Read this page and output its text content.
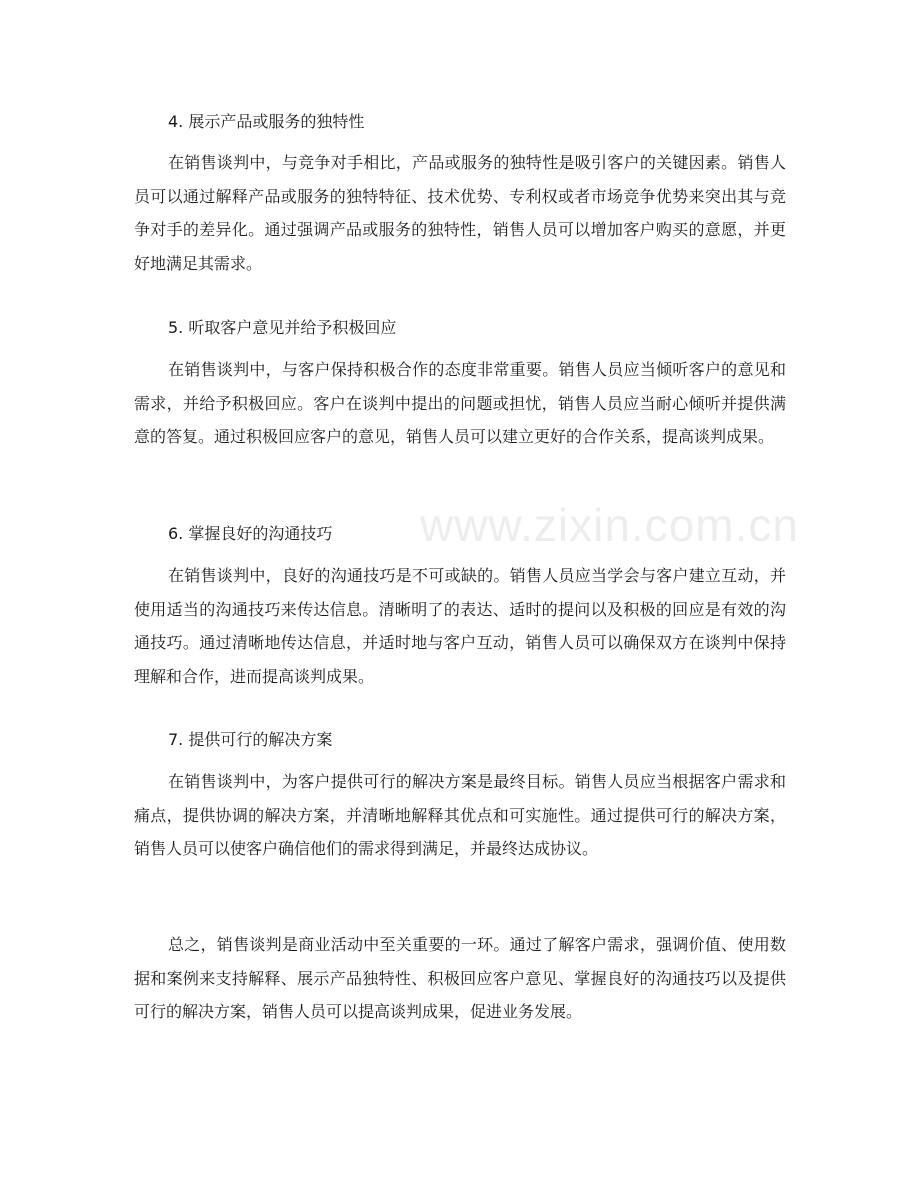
www.zixin.com.cn
4. 展示产品或服务的独特性
在销售谈判中，与竞争对手相比，产品或服务的独特性是吸引客户的关键因素。销售人员可以通过解释产品或服务的独特特征、技术优势、专利权或者市场竞争优势来突出其与竞争对手的差异化。通过强调产品或服务的独特性，销售人员可以增加客户购买的意愿，并更好地满足其需求。
5. 听取客户意见并给予积极回应
在销售谈判中，与客户保持积极合作的态度非常重要。销售人员应当倾听客户的意见和需求，并给予积极回应。客户在谈判中提出的问题或担忧，销售人员应当耐心倾听并提供满意的答复。通过积极回应客户的意见，销售人员可以建立更好的合作关系，提高谈判成果。
6. 掌握良好的沟通技巧
在销售谈判中，良好的沟通技巧是不可或缺的。销售人员应当学会与客户建立互动，并使用适当的沟通技巧来传达信息。清晰明了的表达、适时的提问以及积极的回应是有效的沟通技巧。通过清晰地传达信息，并适时地与客户互动，销售人员可以确保双方在谈判中保持理解和合作，进而提高谈判成果。
7. 提供可行的解决方案
在销售谈判中，为客户提供可行的解决方案是最终目标。销售人员应当根据客户需求和痛点，提供协调的解决方案，并清晰地解释其优点和可实施性。通过提供可行的解决方案，销售人员可以使客户确信他们的需求得到满足，并最终达成协议。
总之，销售谈判是商业活动中至关重要的一环。通过了解客户需求，强调价值、使用数据和案例来支持解释、展示产品独特性、积极回应客户意见、掌握良好的沟通技巧以及提供可行的解决方案，销售人员可以提高谈判成果，促进业务发展。
